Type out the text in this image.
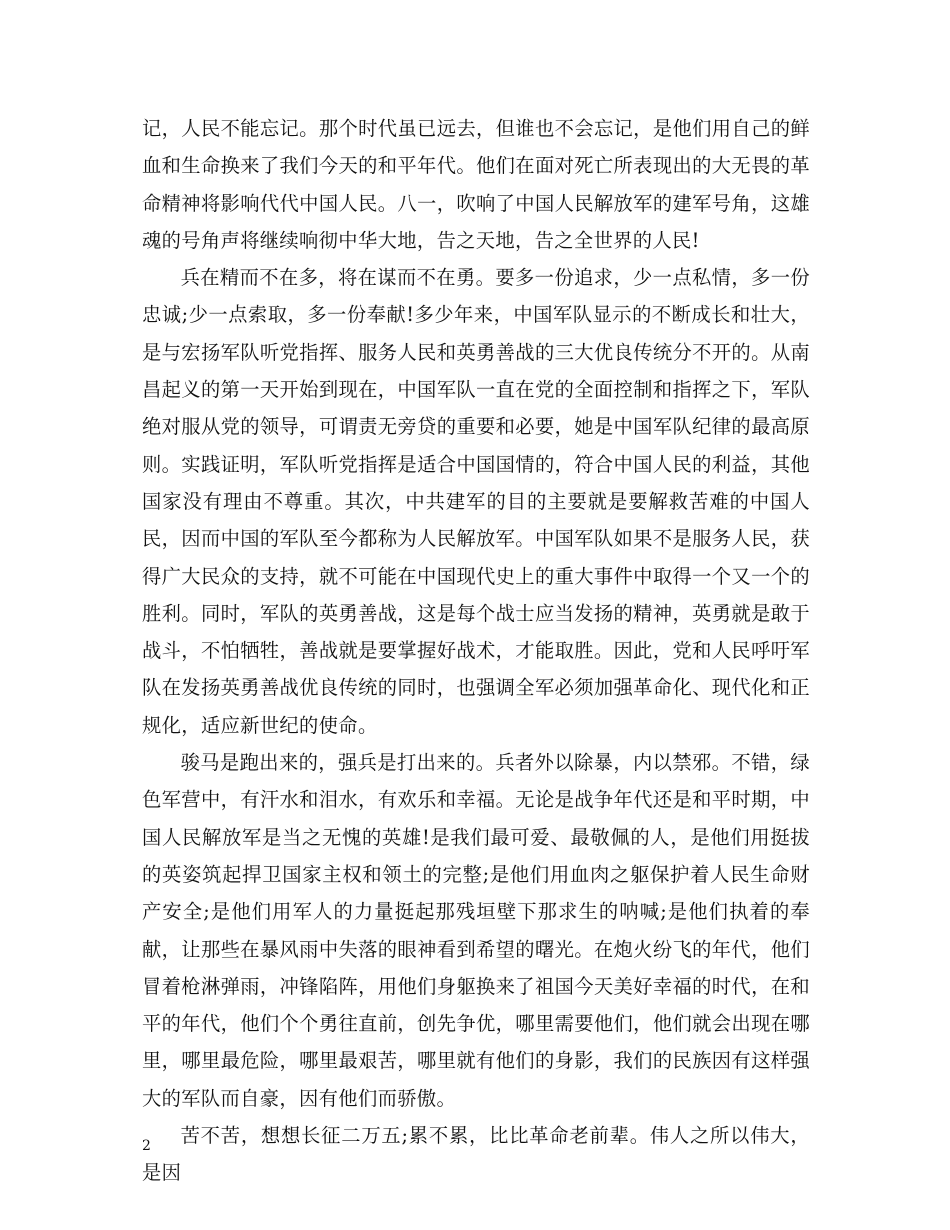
记，人民不能忘记。那个时代虽已远去，但谁也不会忘记，是他们用自己的鲜血和生命换来了我们今天的和平年代。他们在面对死亡所表现出的大无畏的革命精神将影响代代中国人民。八一，吹响了中国人民解放军的建军号角，这雄魂的号角声将继续响彻中华大地，告之天地，告之全世界的人民!

兵在精而不在多，将在谋而不在勇。要多一份追求，少一点私情，多一份忠诚;少一点索取，多一份奉献!多少年来，中国军队显示的不断成长和壮大，是与宏扬军队听党指挥、服务人民和英勇善战的三大优良传统分不开的。从南昌起义的第一天开始到现在，中国军队一直在党的全面控制和指挥之下，军队绝对服从党的领导，可谓责无旁贷的重要和必要，她是中国军队纪律的最高原则。实践证明，军队听党指挥是适合中国国情的，符合中国人民的利益，其他国家没有理由不尊重。其次，中共建军的目的主要就是要解救苦难的中国人民，因而中国的军队至今都称为人民解放军。中国军队如果不是服务人民，获得广大民众的支持，就不可能在中国现代史上的重大事件中取得一个又一个的胜利。同时，军队的英勇善战，这是每个战士应当发扬的精神，英勇就是敢于战斗，不怕牺牲，善战就是要掌握好战术，才能取胜。因此，党和人民呼吁军队在发扬英勇善战优良传统的同时，也强调全军必须加强革命化、现代化和正规化，适应新世纪的使命。

骏马是跑出来的，强兵是打出来的。兵者外以除暴，内以禁邪。不错，绿色军营中，有汗水和泪水，有欢乐和幸福。无论是战争年代还是和平时期，中国人民解放军是当之无愧的英雄!是我们最可爱、最敬佩的人，是他们用挺拔的英姿筑起捍卫国家主权和领土的完整;是他们用血肉之躯保护着人民生命财产安全;是他们用军人的力量挺起那残垣壁下那求生的呐喊;是他们执着的奉献，让那些在暴风雨中失落的眼神看到希望的曙光。在炮火纷飞的年代，他们冒着枪淋弹雨，冲锋陷阵，用他们身躯换来了祖国今天美好幸福的时代，在和平的年代，他们个个勇往直前，创先争优，哪里需要他们，他们就会出现在哪里，哪里最危险，哪里最艰苦，哪里就有他们的身影，我们的民族因有这样强大的军队而自豪，因有他们而骄傲。

苦不苦，想想长征二万五;累不累，比比革命老前辈。伟人之所以伟大，是因

2
